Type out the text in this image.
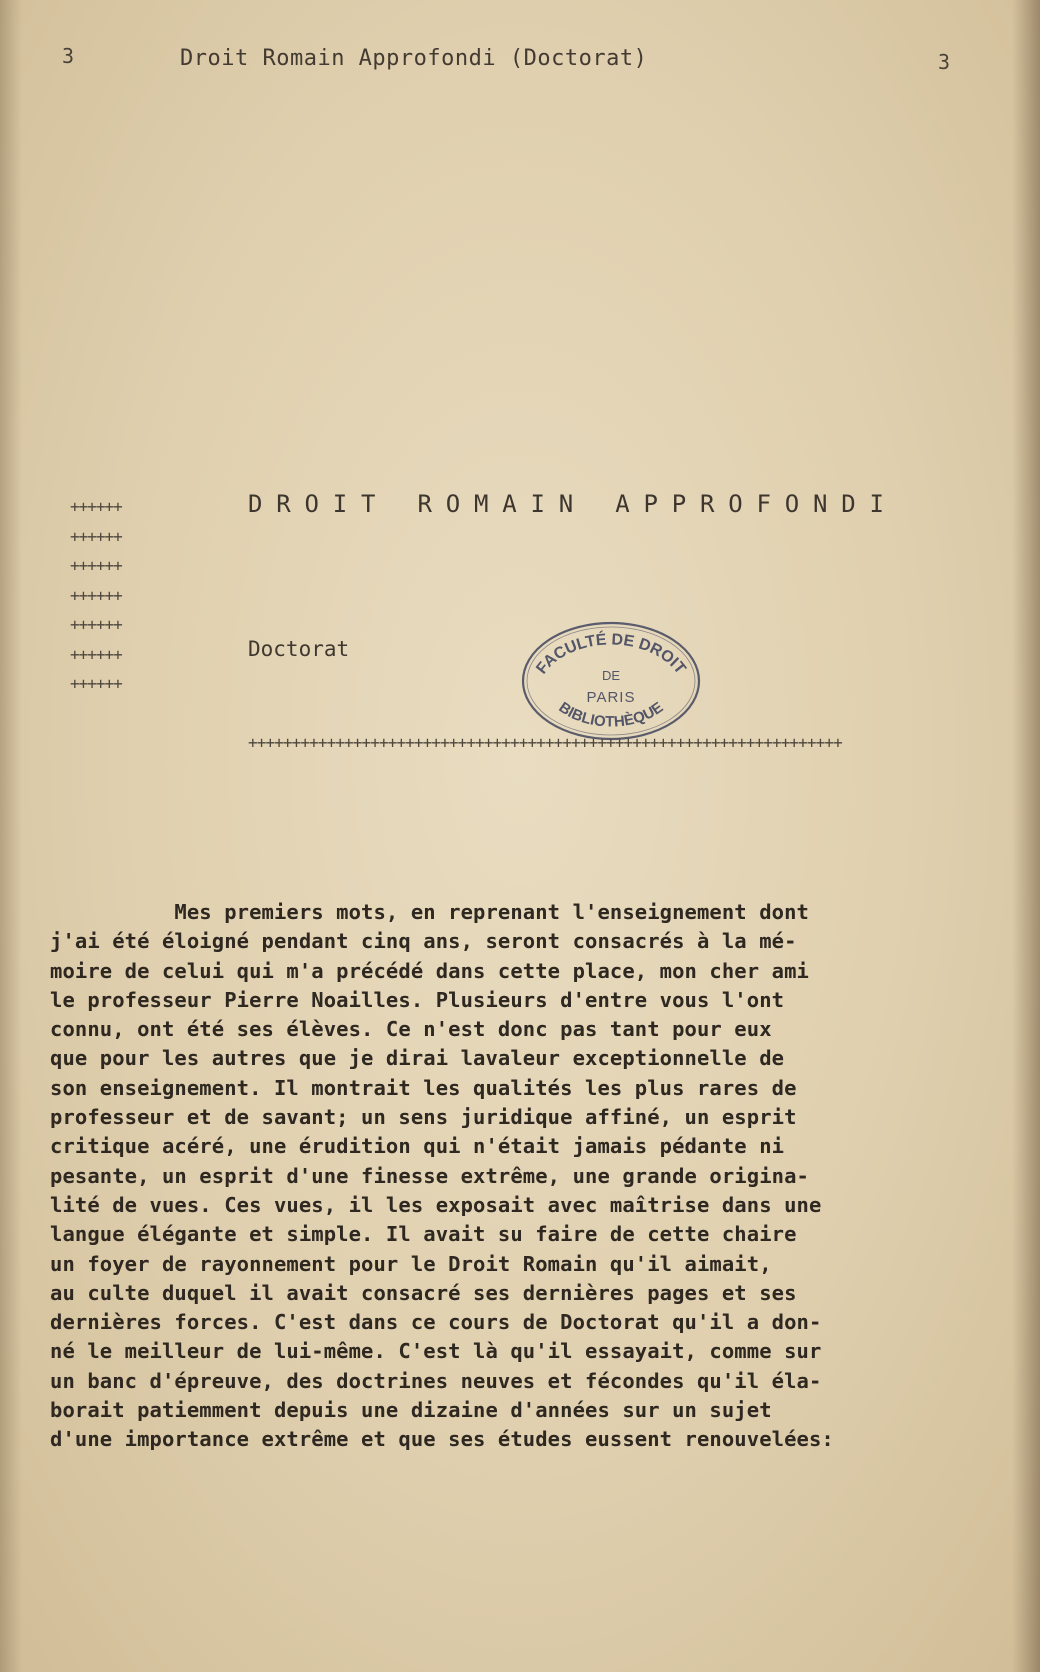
3	Droit Romain Approfondi (Doctorat)	3
++++++
++++++
++++++
++++++
++++++
++++++
++++++
DROIT ROMAIN APPROFONDI
Doctorat
FACULTÉ DE DROIT
DE
PARIS
BIBLIOTHÈQUE
++++++++++++++++++++++++++++++++++++++++++++++++++++++++++++++++++++
Mes premiers mots, en reprenant l'enseignement dont
j'ai été éloigné pendant cinq ans, seront consacrés à la mé-
moire de celui qui m'a précédé dans cette place, mon cher ami
le professeur Pierre Noailles. Plusieurs d'entre vous l'ont
connu, ont été ses élèves. Ce n'est donc pas tant pour eux
que pour les autres que je dirai lavaleur exceptionnelle de
son enseignement. Il montrait les qualités les plus rares de
professeur et de savant; un sens juridique affiné, un esprit
critique acéré, une érudition qui n'était jamais pédante ni
pesante, un esprit d'une finesse extrême, une grande origina-
lité de vues. Ces vues, il les exposait avec maîtrise dans une
langue élégante et simple. Il avait su faire de cette chaire
un foyer de rayonnement pour le Droit Romain qu'il aimait,
au culte duquel il avait consacré ses dernières pages et ses
dernières forces. C'est dans ce cours de Doctorat qu'il a don-
né le meilleur de lui-même. C'est là qu'il essayait, comme sur
un banc d'épreuve, des doctrines neuves et fécondes qu'il éla-
borait patiemment depuis une dizaine d'années sur un sujet
d'une importance extrême et que ses études eussent renouvelées:
